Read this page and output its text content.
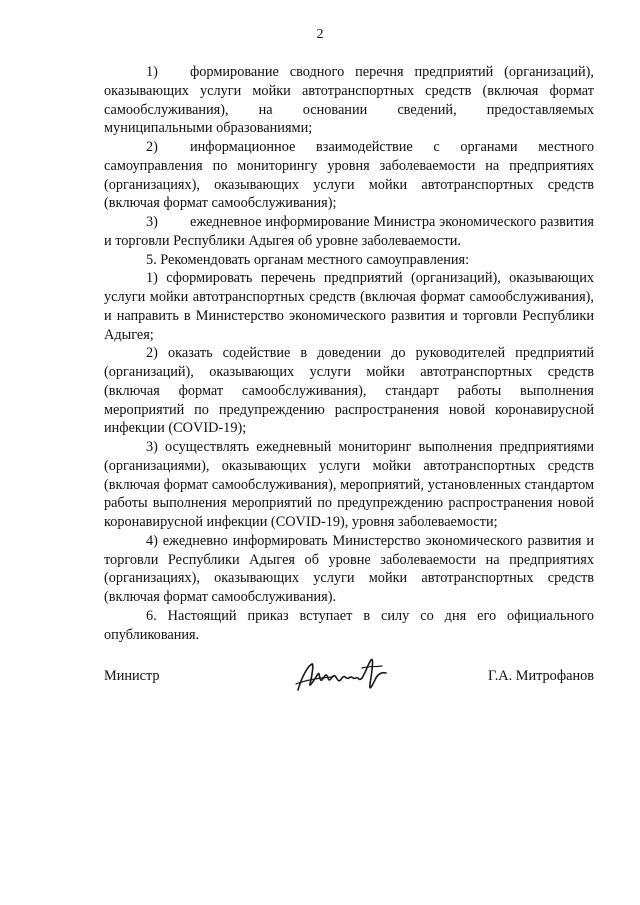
2

1) формирование сводного перечня предприятий (организаций), оказывающих услуги мойки автотранспортных средств (включая формат самообслуживания), на основании сведений, предоставляемых муниципальными образованиями;

2) информационное взаимодействие с органами местного самоуправления по мониторингу уровня заболеваемости на предприятиях (организациях), оказывающих услуги мойки автотранспортных средств (включая формат самообслуживания);

3) ежедневное информирование Министра экономического развития и торговли Республики Адыгея об уровне заболеваемости.

5. Рекомендовать органам местного самоуправления:

1) сформировать перечень предприятий (организаций), оказывающих услуги мойки автотранспортных средств (включая формат самообслуживания), и направить в Министерство экономического развития и торговли Республики Адыгея;

2) оказать содействие в доведении до руководителей предприятий (организаций), оказывающих услуги мойки автотранспортных средств (включая формат самообслуживания), стандарт работы выполнения мероприятий по предупреждению распространения новой коронавирусной инфекции (COVID-19);

3) осуществлять ежедневный мониторинг выполнения предприятиями (организациями), оказывающих услуги мойки автотранспортных средств (включая формат самообслуживания), мероприятий, установленных стандартом работы выполнения мероприятий по предупреждению распространения новой коронавирусной инфекции (COVID-19), уровня заболеваемости;

4) ежедневно информировать Министерство экономического развития и торговли Республики Адыгея об уровне заболеваемости на предприятиях (организациях), оказывающих услуги мойки автотранспортных средств (включая формат самообслуживания).

6. Настоящий приказ вступает в силу со дня его официального опубликования.

Министр	Г.А. Митрофанов
